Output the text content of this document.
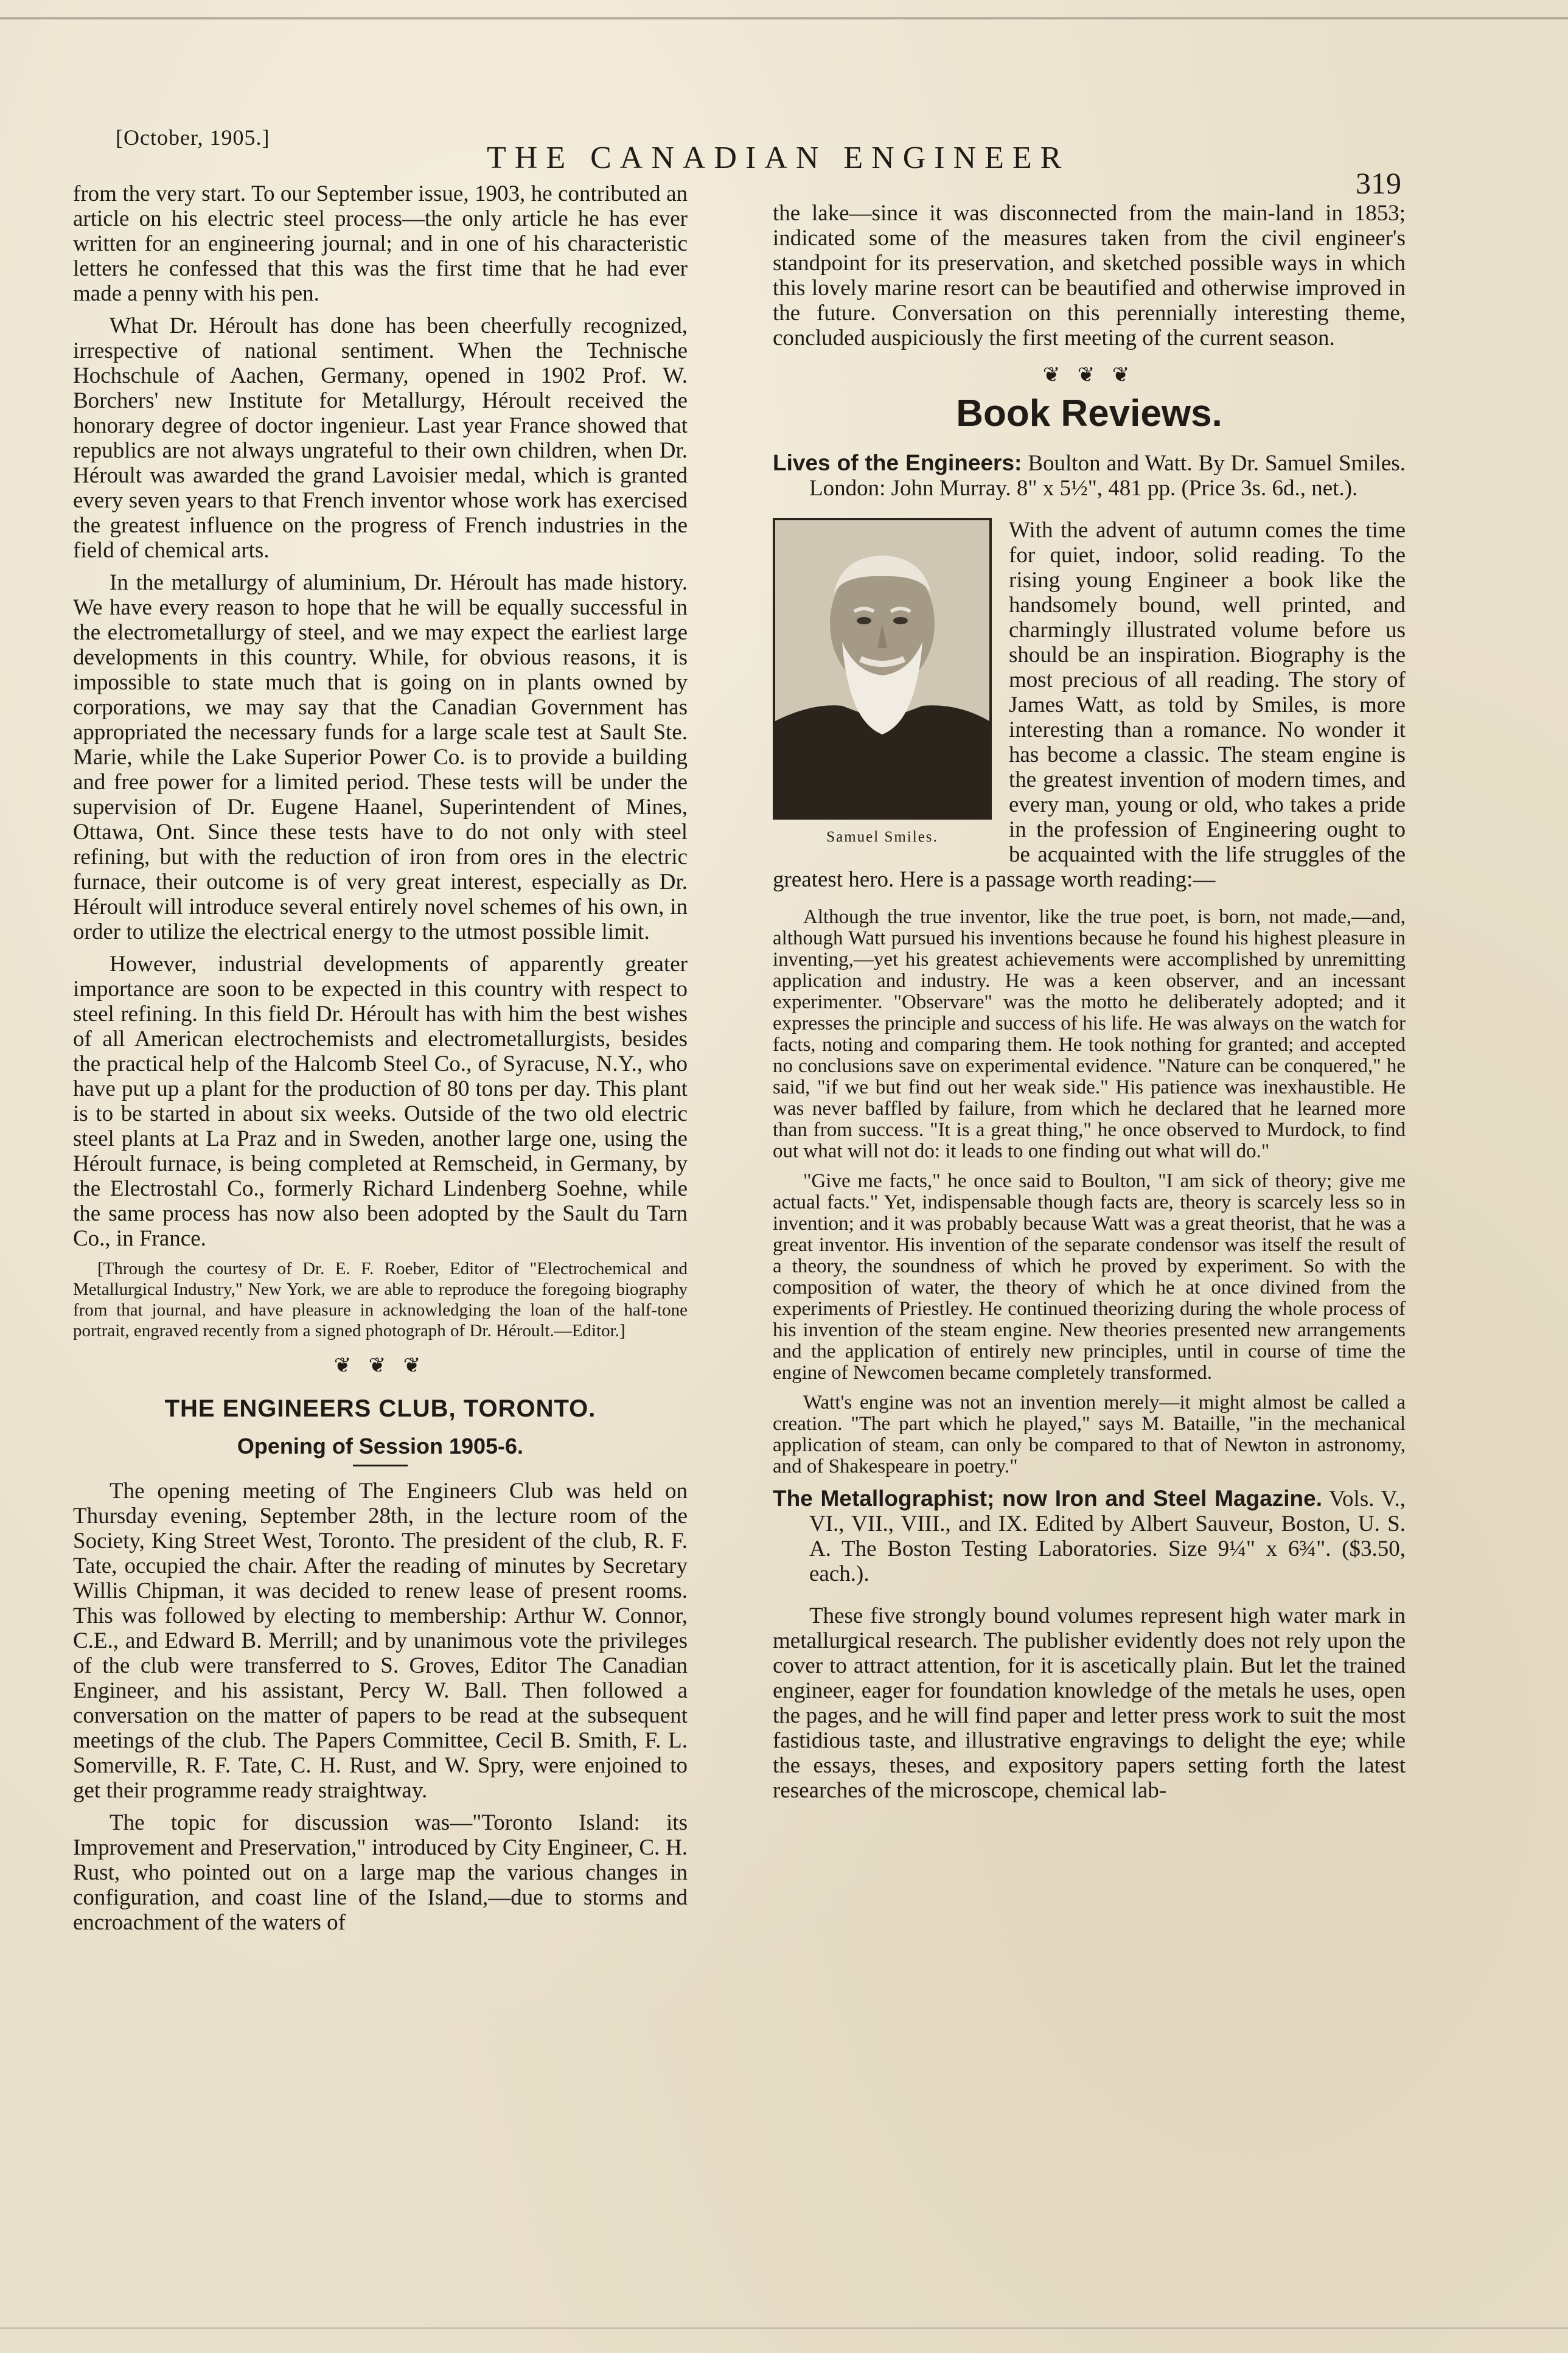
[October, 1905.]
THE CANADIAN ENGINEER
319

from the very start. To our September issue, 1903, he contributed an article on his electric steel process—the only article he has ever written for an engineering journal; and in one of his characteristic letters he confessed that this was the first time that he had ever made a penny with his pen.

What Dr. Héroult has done has been cheerfully recognized, irrespective of national sentiment. When the Technische Hochschule of Aachen, Germany, opened in 1902 Prof. W. Borchers' new Institute for Metallurgy, Héroult received the honorary degree of doctor ingenieur. Last year France showed that republics are not always ungrateful to their own children, when Dr. Héroult was awarded the grand Lavoisier medal, which is granted every seven years to that French inventor whose work has exercised the greatest influence on the progress of French industries in the field of chemical arts.

In the metallurgy of aluminium, Dr. Héroult has made history. We have every reason to hope that he will be equally successful in the electrometallurgy of steel, and we may expect the earliest large developments in this country. While, for obvious reasons, it is impossible to state much that is going on in plants owned by corporations, we may say that the Canadian Government has appropriated the necessary funds for a large scale test at Sault Ste. Marie, while the Lake Superior Power Co. is to provide a building and free power for a limited period. These tests will be under the supervision of Dr. Eugene Haanel, Superintendent of Mines, Ottawa, Ont. Since these tests have to do not only with steel refining, but with the reduction of iron from ores in the electric furnace, their outcome is of very great interest, especially as Dr. Héroult will introduce several entirely novel schemes of his own, in order to utilize the electrical energy to the utmost possible limit.

However, industrial developments of apparently greater importance are soon to be expected in this country with respect to steel refining. In this field Dr. Héroult has with him the best wishes of all American electrochemists and electrometallurgists, besides the practical help of the Halcomb Steel Co., of Syracuse, N.Y., who have put up a plant for the production of 80 tons per day. This plant is to be started in about six weeks. Outside of the two old electric steel plants at La Praz and in Sweden, another large one, using the Héroult furnace, is being completed at Remscheid, in Germany, by the Electrostahl Co., formerly Richard Lindenberg Soehne, while the same process has now also been adopted by the Sault du Tarn Co., in France.

[Through the courtesy of Dr. E. F. Roeber, Editor of "Electrochemical and Metallurgical Industry," New York, we are able to reproduce the foregoing biography from that journal, and have pleasure in acknowledging the loan of the half-tone portrait, engraved recently from a signed photograph of Dr. Héroult.—Editor.]

❦ ❦ ❦
THE ENGINEERS CLUB, TORONTO.
Opening of Session 1905-6.

The opening meeting of The Engineers Club was held on Thursday evening, September 28th, in the lecture room of the Society, King Street West, Toronto. The president of the club, R. F. Tate, occupied the chair. After the reading of minutes by Secretary Willis Chipman, it was decided to renew lease of present rooms. This was followed by electing to membership: Arthur W. Connor, C.E., and Edward B. Merrill; and by unanimous vote the privileges of the club were transferred to S. Groves, Editor The Canadian Engineer, and his assistant, Percy W. Ball. Then followed a conversation on the matter of papers to be read at the subsequent meetings of the club. The Papers Committee, Cecil B. Smith, F. L. Somerville, R. F. Tate, C. H. Rust, and W. Spry, were enjoined to get their programme ready straightway.

The topic for discussion was—"Toronto Island: its Improvement and Preservation," introduced by City Engineer, C. H. Rust, who pointed out on a large map the various changes in configuration, and coast line of the Island,—due to storms and encroachment of the waters of

the lake—since it was disconnected from the main-land in 1853; indicated some of the measures taken from the civil engineer's standpoint for its preservation, and sketched possible ways in which this lovely marine resort can be beautified and otherwise improved in the future. Conversation on this perennially interesting theme, concluded auspiciously the first meeting of the current season.

❦ ❦ ❦
Book Reviews.

Lives of the Engineers: Boulton and Watt. By Dr. Samuel Smiles. London: John Murray. 8" x 5½", 481 pp. (Price 3s. 6d., net.).

Samuel Smiles.

With the advent of autumn comes the time for quiet, indoor, solid reading. To the rising young Engineer a book like the handsomely bound, well printed, and charmingly illustrated volume before us should be an inspiration. Biography is the most precious of all reading. The story of James Watt, as told by Smiles, is more interesting than a romance. No wonder it has become a classic. The steam engine is the greatest invention of modern times, and every man, young or old, who takes a pride in the profession of Engineering ought to be acquainted with the life struggles of the greatest hero. Here is a passage worth reading:—

Although the true inventor, like the true poet, is born, not made,—and, although Watt pursued his inventions because he found his highest pleasure in inventing,—yet his greatest achievements were accomplished by unremitting application and industry. He was a keen observer, and an incessant experimenter. "Observare" was the motto he deliberately adopted; and it expresses the principle and success of his life. He was always on the watch for facts, noting and comparing them. He took nothing for granted; and accepted no conclusions save on experimental evidence. "Nature can be conquered," he said, "if we but find out her weak side." His patience was inexhaustible. He was never baffled by failure, from which he declared that he learned more than from success. "It is a great thing," he once observed to Murdock, to find out what will not do: it leads to one finding out what will do."

"Give me facts," he once said to Boulton, "I am sick of theory; give me actual facts." Yet, indispensable though facts are, theory is scarcely less so in invention; and it was probably because Watt was a great theorist, that he was a great inventor. His invention of the separate condensor was itself the result of a theory, the soundness of which he proved by experiment. So with the composition of water, the theory of which he at once divined from the experiments of Priestley. He continued theorizing during the whole process of his invention of the steam engine. New theories presented new arrangements and the application of entirely new principles, until in course of time the engine of Newcomen became completely transformed.

Watt's engine was not an invention merely—it might almost be called a creation. "The part which he played," says M. Bataille, "in the mechanical application of steam, can only be compared to that of Newton in astronomy, and of Shakespeare in poetry."

The Metallographist; now Iron and Steel Magazine. Vols. V., VI., VII., VIII., and IX. Edited by Albert Sauveur, Boston, U. S. A. The Boston Testing Laboratories. Size 9¼" x 6¾". ($3.50, each.).

These five strongly bound volumes represent high water mark in metallurgical research. The publisher evidently does not rely upon the cover to attract attention, for it is ascetically plain. But let the trained engineer, eager for foundation knowledge of the metals he uses, open the pages, and he will find paper and letter press work to suit the most fastidious taste, and illustrative engravings to delight the eye; while the essays, theses, and expository papers setting forth the latest researches of the microscope, chemical lab-
